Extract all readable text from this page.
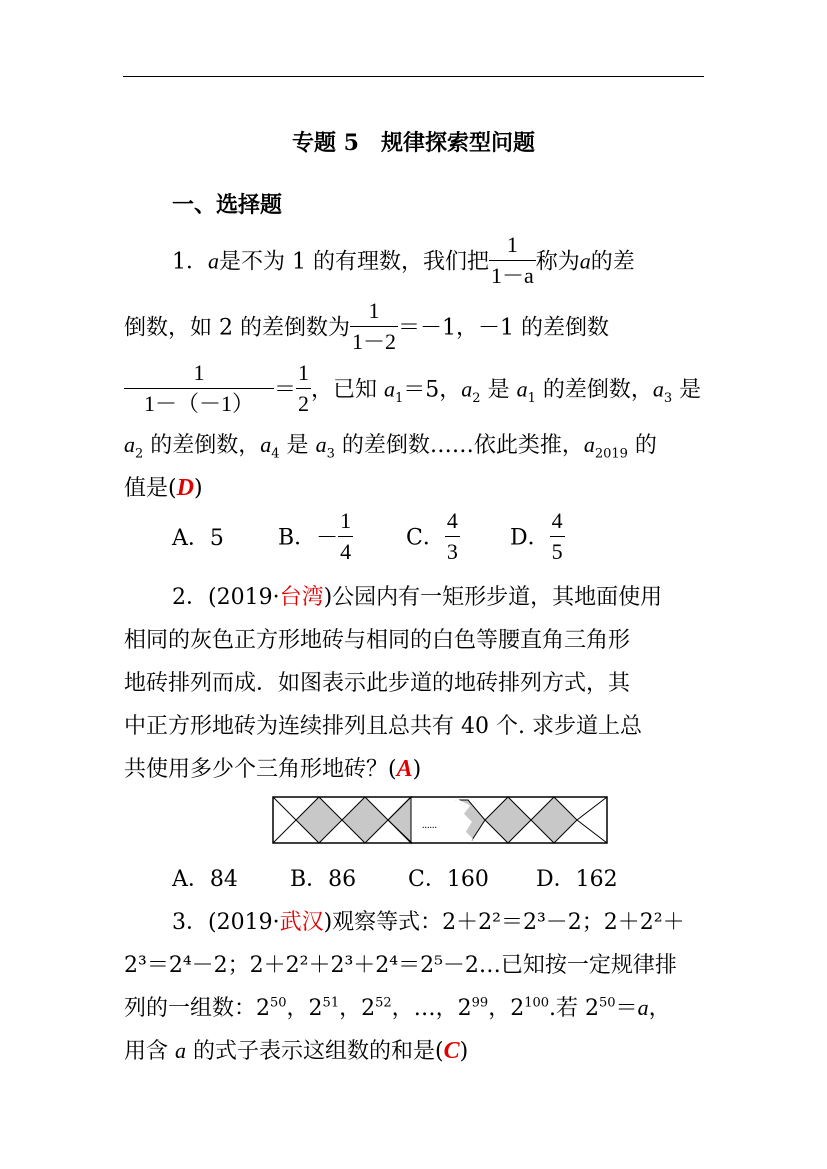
专题 5　规律探索型问题
一、选择题
1．a是不为 1 的有理数，我们把 $\frac{1}{1-a}$ 称为a的差
倒数，如 2 的差倒数为 $\frac{1}{1-2} =-1$，－1 的差倒数
$\frac{1}{1-(-1)} = \frac{1}{2}$ ，已知 $a_1=5$，$a_2$ 是 $a_1$ 的差倒数，$a_3$ 是
$a_2$ 的差倒数，$a_4$ 是 $a_3$ 的差倒数……依此类推，$a_{2019}$ 的
值是(D)
A．5 B．－ $\frac{1}{4}$ C． $\frac{4}{3}$ D． $\frac{4}{5}$
2．(2019·台湾)公园内有一矩形步道，其地面使用
相同的灰色正方形地砖与相同的白色等腰直角三角形
地砖排列而成．如图表示此步道的地砖排列方式，其
中正方形地砖为连续排列且总共有 40 个. 求步道上总
共使用多少个三角形地砖？(A)
......
A．84 B．86 C．160 D．162
3．(2019·武汉)观察等式：2＋2²＝2³－2；2＋2²＋
2³＝2⁴－2；2＋2²＋2³＋2⁴＝2⁵－2…已知按一定规律排
列的一组数：$2^{50}$，$2^{51}$，$2^{52}$，…，$2^{99}$，$2^{100}$.若 $2^{50}=a$，
用含 a 的式子表示这组数的和是(C)
